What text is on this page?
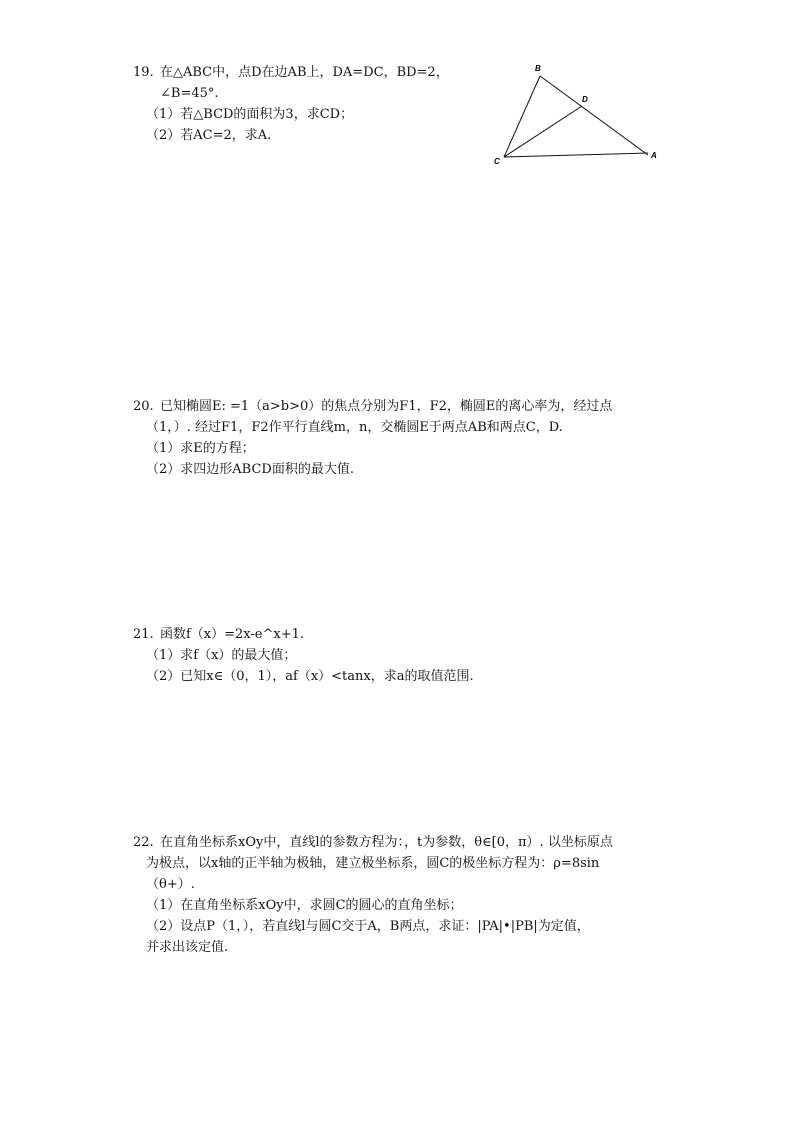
19. 在△ABC中，点D在边AB上，DA=DC，BD=2，
∠B=45°.
（1）若△BCD的面积为3，求CD；
（2）若AC=2，求A.
B
D
C
A
20. 已知椭圆E: =1（a>b>0）的焦点分别为F1，F2，椭圆E的离心率为，经过点
（1，）. 经过F1，F2作平行直线m，n，交椭圆E于两点AB和两点C，D.
（1）求E的方程；
（2）求四边形ABCD面积的最大值.
21. 函数f（x）=2x-e^x+1.
（1）求f（x）的最大值；
（2）已知x∈（0，1），af（x）<tanx，求a的取值范围.
22. 在直角坐标系xOy中，直线l的参数方程为：，t为参数，θ∈[0，π）. 以坐标原点
为极点，以x轴的正半轴为极轴，建立极坐标系，圆C的极坐标方程为：ρ=8sin
（θ+）.
（1）在直角坐标系xOy中，求圆C的圆心的直角坐标；
（2）设点P（1，），若直线l与圆C交于A，B两点，求证：|PA|•|PB|为定值，
并求出该定值.
